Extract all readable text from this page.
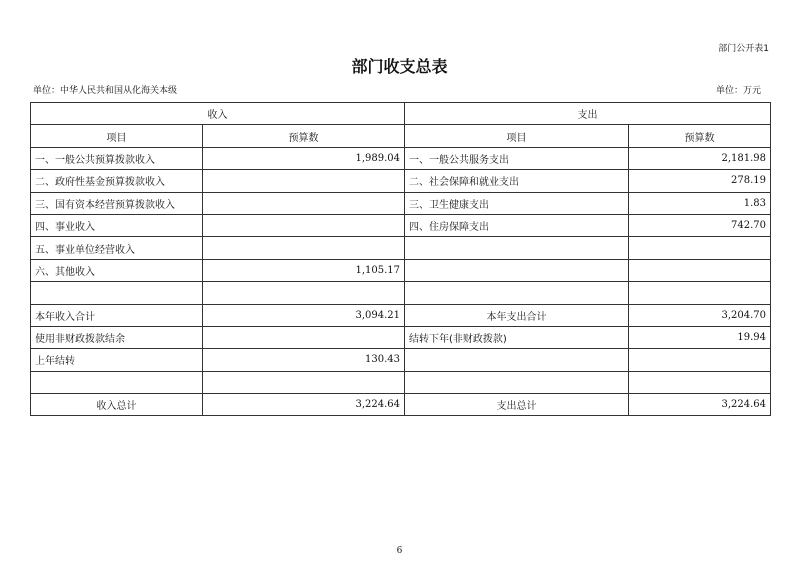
部门公开表1
部门收支总表
单位：中华人民共和国从化海关本级	单位：万元
收入		支出	
项目	预算数	项目	预算数
一、一般公共预算拨款收入	1,989.04	一、一般公共服务支出	2,181.98
二、政府性基金预算拨款收入		二、社会保障和就业支出	278.19
三、国有资本经营预算拨款收入		三、卫生健康支出	1.83
四、事业收入		四、住房保障支出	742.70
五、事业单位经营收入			
六、其他收入	1,105.17		

本年收入合计	3,094.21	本年支出合计	3,204.70
使用非财政拨款结余		结转下年(非财政拨款)	19.94
上年结转	130.43		

收入总计	3,224.64	支出总计	3,224.64
6
